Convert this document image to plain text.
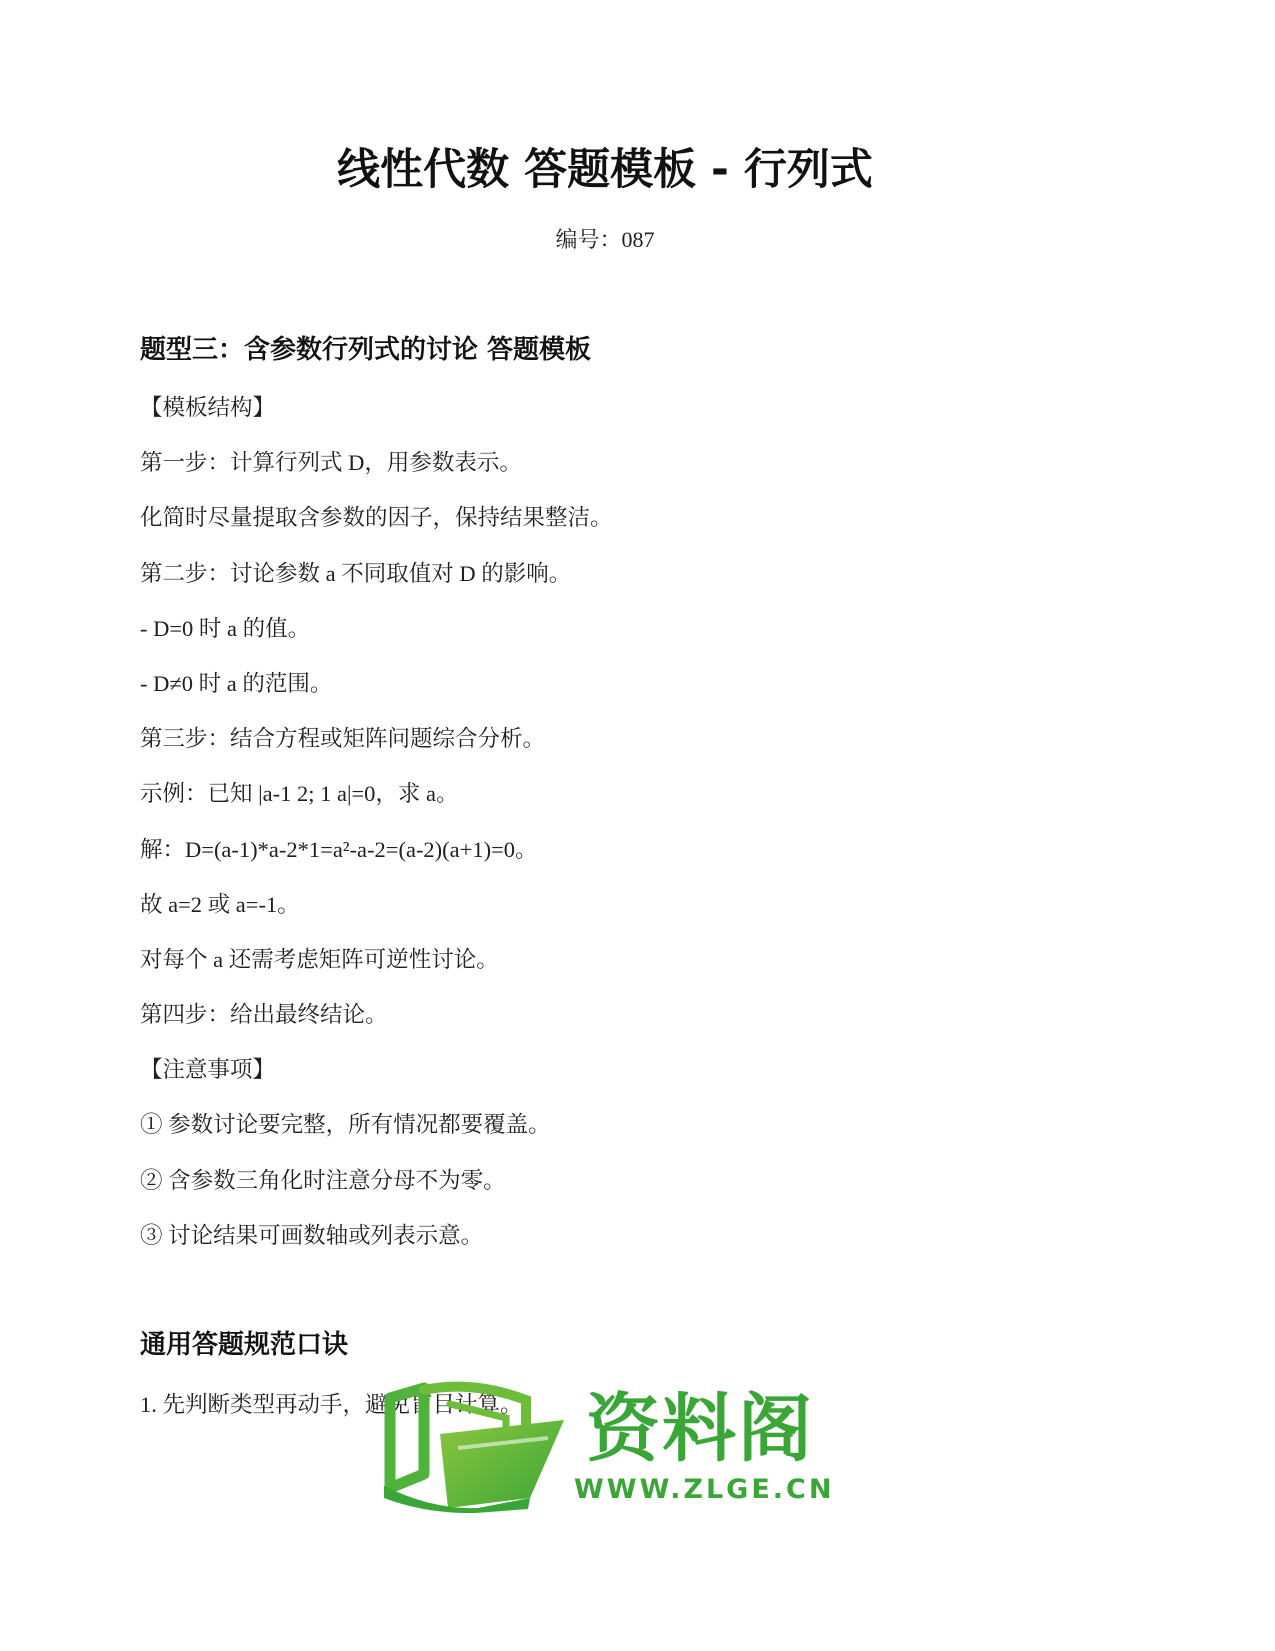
线性代数 答题模板 - 行列式
编号：087
题型三：含参数行列式的讨论 答题模板
【模板结构】
第一步：计算行列式 D，用参数表示。
化简时尽量提取含参数的因子，保持结果整洁。
第二步：讨论参数 a 不同取值对 D 的影响。
- D=0 时 a 的值。
- D≠0 时 a 的范围。
第三步：结合方程或矩阵问题综合分析。
示例：已知 |a-1 2; 1 a|=0，求 a。
解：D=(a-1)*a-2*1=a²-a-2=(a-2)(a+1)=0。
故 a=2 或 a=-1。
对每个 a 还需考虑矩阵可逆性讨论。
第四步：给出最终结论。
【注意事项】
① 参数讨论要完整，所有情况都要覆盖。
② 含参数三角化时注意分母不为零。
③ 讨论结果可画数轴或列表示意。
通用答题规范口诀
1. 先判断类型再动手，避免盲目计算。 资料阁
WWW.ZLGE.CN
